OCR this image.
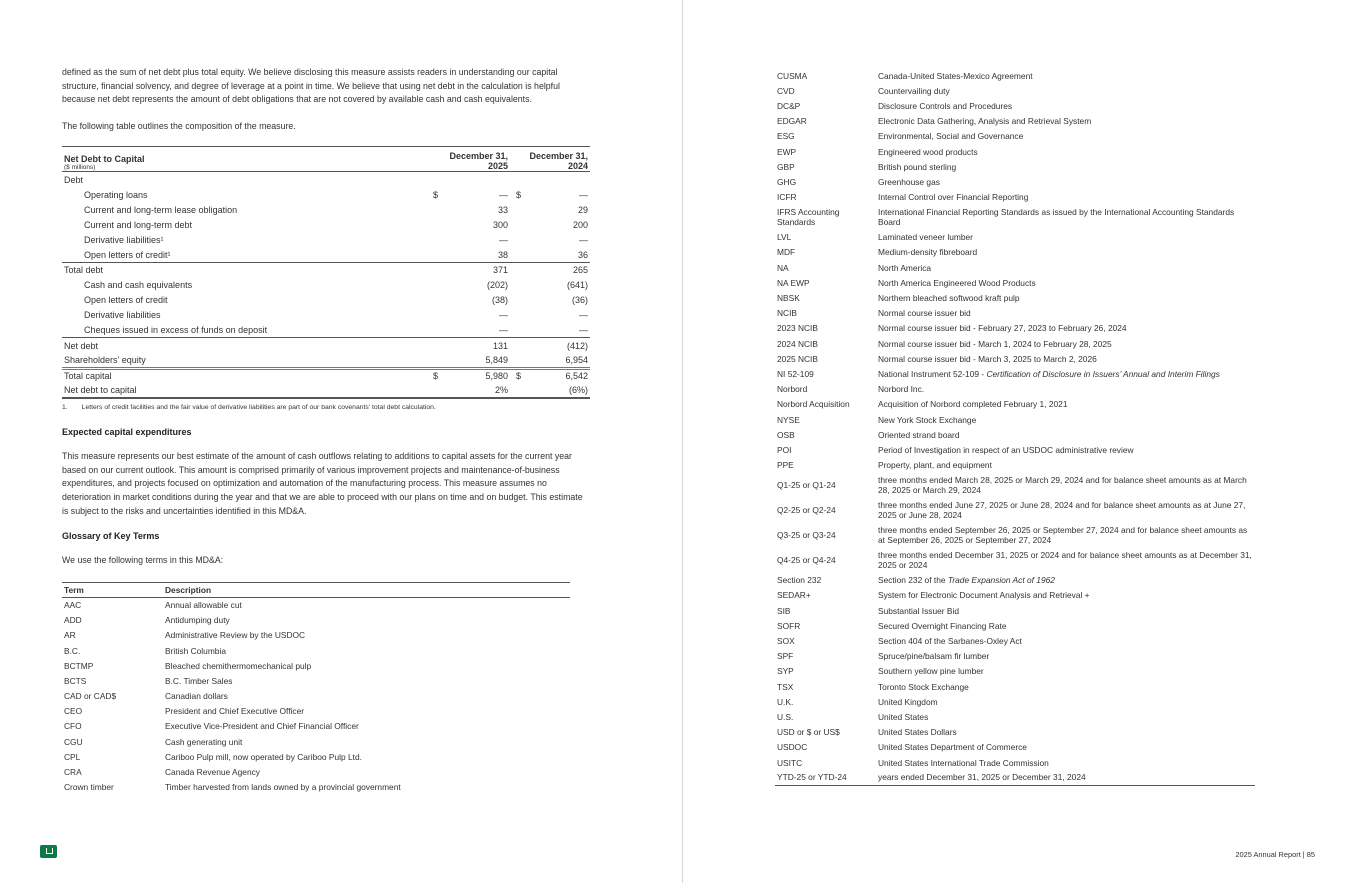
defined as the sum of net debt plus total equity. We believe disclosing this measure assists readers in understanding our capital structure, financial solvency, and degree of leverage at a point in time. We believe that using net debt in the calculation is helpful because net debt represents the amount of debt obligations that are not covered by available cash and cash equivalents.

The following table outlines the composition of the measure.

Net Debt to Capital
($ millions)	December 31, 2025		December 31, 2024	
Debt				
Operating loans	$	—	$	—
Current and long-term lease obligation		33		29
Current and long-term debt		300		200
Derivative liabilities¹		—		—
Open letters of credit¹		38		36
Total debt		371		265
Cash and cash equivalents		(202)		(641)
Open letters of credit		(38)		(36)
Derivative liabilities		—		—
Cheques issued in excess of funds on deposit		—		—
Net debt		131		(412)
Shareholders’ equity		5,849		6,954
Total capital	$	5,980	$	6,542
Net debt to capital		2%		(6%)
1. Letters of credit facilities and the fair value of derivative liabilities are part of our bank covenants' total debt calculation.
Expected capital expenditures

This measure represents our best estimate of the amount of cash outflows relating to additions to capital assets for the current year based on our current outlook. This amount is comprised primarily of various improvement projects and maintenance-of-business expenditures, and projects focused on optimization and automation of the manufacturing process. This measure assumes no deterioration in market conditions during the year and that we are able to proceed with our plans on time and on budget. This estimate is subject to the risks and uncertainties identified in this MD&A.

Glossary of Key Terms

We use the following terms in this MD&A:

Term	Description
AAC	Annual allowable cut
ADD	Antidumping duty
AR	Administrative Review by the USDOC
B.C.	British Columbia
BCTMP	Bleached chemithermomechanical pulp
BCTS	B.C. Timber Sales
CAD or CAD$	Canadian dollars
CEO	President and Chief Executive Officer
CFO	Executive Vice-President and Chief Financial Officer
CGU	Cash generating unit
CPL	Cariboo Pulp mill, now operated by Cariboo Pulp Ltd.
CRA	Canada Revenue Agency
Crown timber	Timber harvested from lands owned by a provincial government
CUSMA	Canada-United States-Mexico Agreement
CVD	Countervailing duty
DC&P	Disclosure Controls and Procedures
EDGAR	Electronic Data Gathering, Analysis and Retrieval System
ESG	Environmental, Social and Governance
EWP	Engineered wood products
GBP	British pound sterling
GHG	Greenhouse gas
ICFR	Internal Control over Financial Reporting
IFRS Accounting Standards	International Financial Reporting Standards as issued by the International Accounting Standards Board
LVL	Laminated veneer lumber
MDF	Medium-density fibreboard
NA	North America
NA EWP	North America Engineered Wood Products
NBSK	Northern bleached softwood kraft pulp
NCIB	Normal course issuer bid
2023 NCIB	Normal course issuer bid - February 27, 2023 to February 26, 2024
2024 NCIB	Normal course issuer bid - March 1, 2024 to February 28, 2025
2025 NCIB	Normal course issuer bid - March 3, 2025 to March 2, 2026
NI 52-109	National Instrument 52-109 - Certification of Disclosure in Issuers’ Annual and Interim Filings
Norbord	Norbord Inc.
Norbord Acquisition	Acquisition of Norbord completed February 1, 2021
NYSE	New York Stock Exchange
OSB	Oriented strand board
POI	Period of Investigation in respect of an USDOC administrative review
PPE	Property, plant, and equipment
Q1-25 or Q1-24	three months ended March 28, 2025 or March 29, 2024 and for balance sheet amounts as at March 28, 2025 or March 29, 2024
Q2-25 or Q2-24	three months ended June 27, 2025 or June 28, 2024 and for balance sheet amounts as at June 27, 2025 or June 28, 2024
Q3-25 or Q3-24	three months ended September 26, 2025 or September 27, 2024 and for balance sheet amounts as at September 26, 2025 or September 27, 2024
Q4-25 or Q4-24	three months ended December 31, 2025 or 2024 and for balance sheet amounts as at December 31, 2025 or 2024
Section 232	Section 232 of the Trade Expansion Act of 1962
SEDAR+	System for Electronic Document Analysis and Retrieval +
SIB	Substantial Issuer Bid
SOFR	Secured Overnight Financing Rate
SOX	Section 404 of the Sarbanes-Oxley Act
SPF	Spruce/pine/balsam fir lumber
SYP	Southern yellow pine lumber
TSX	Toronto Stock Exchange
U.K.	United Kingdom
U.S.	United States
USD or $ or US$	United States Dollars
USDOC	United States Department of Commerce
USITC	United States International Trade Commission
YTD-25 or YTD-24	years ended December 31, 2025 or December 31, 2024
2025 Annual Report | 85
